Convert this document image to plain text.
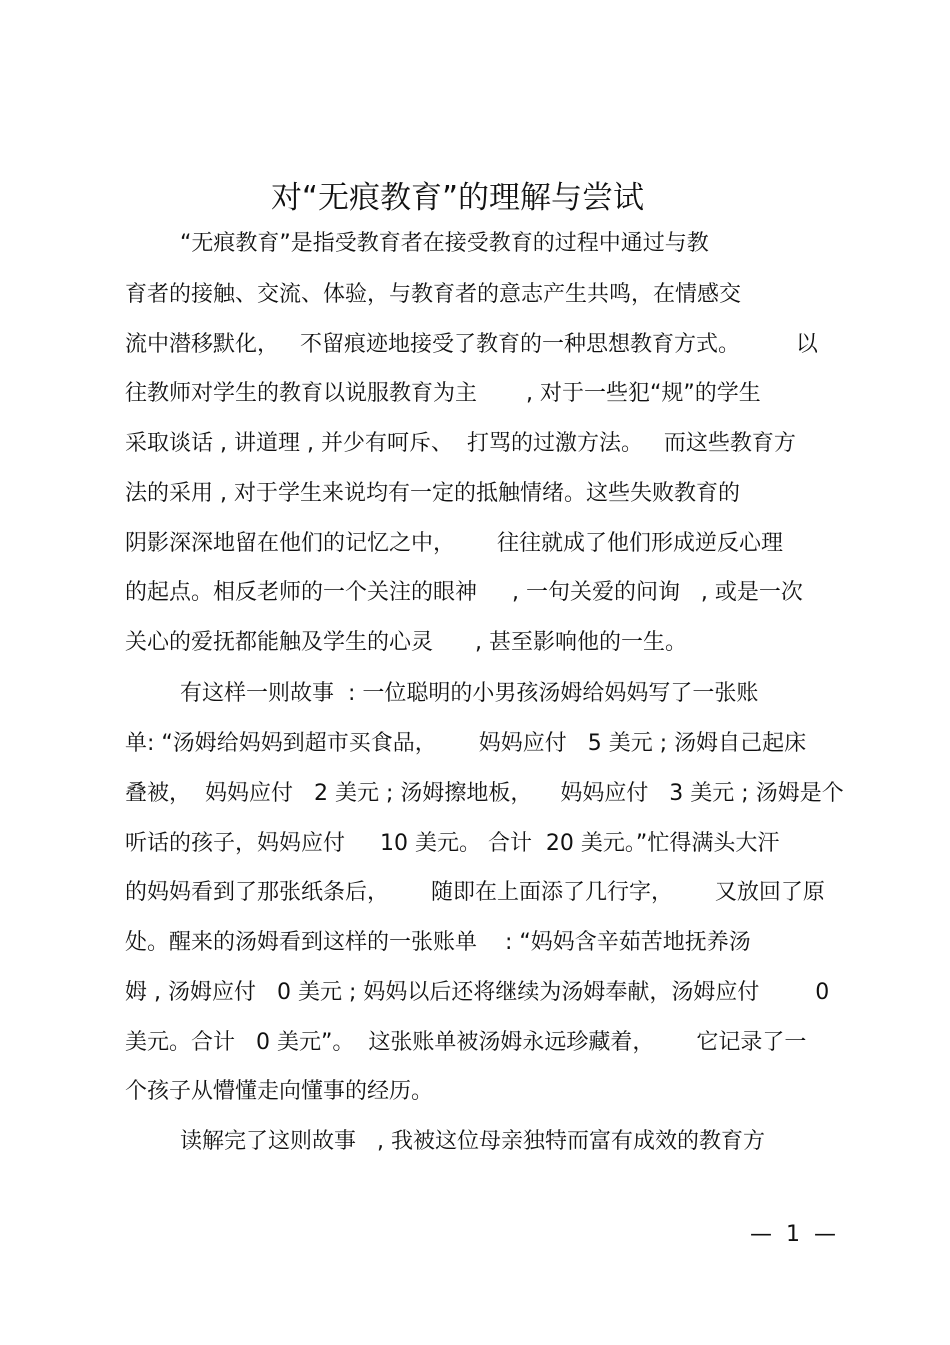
对“无痕教育”的理解与尝试
“无痕教育”是指受教育者在接受教育的过程中通过与教
育者的接触、交流、体验，与教育者的意志产生共鸣，在情感交
流中潜移默化，   不留痕迹地接受了教育的一种思想教育方式。        以
往教师对学生的教育以说服教育为主       , 对于一些犯“规”的学生
采取谈话 , 讲道理 , 并少有呵斥、  打骂的过激方法。   而这些教育方
法的采用 , 对于学生来说均有一定的抵触情绪。这些失败教育的
阴影深深地留在他们的记忆之中，      往往就成了他们形成逆反心理
的起点。相反老师的一个关注的眼神     , 一句关爱的问询   , 或是一次
关心的爱抚都能触及学生的心灵      , 甚至影响他的一生。
有这样一则故事  : 一位聪明的小男孩汤姆给妈妈写了一张账
单: “汤姆给妈妈到超市买食品，      妈妈应付   5 美元 ; 汤姆自己起床
叠被，  妈妈应付   2 美元 ; 汤姆擦地板，    妈妈应付   3 美元 ; 汤姆是个
听话的孩子，妈妈应付     10 美元。 合计  20 美元。”忙得满头大汗
的妈妈看到了那张纸条后，      随即在上面添了几行字，      又放回了原
处。醒来的汤姆看到这样的一张账单    : “妈妈含辛茹苦地抚养汤
姆 , 汤姆应付   0 美元 ; 妈妈以后还将继续为汤姆奉献，汤姆应付        0
美元。合计   0 美元”。  这张账单被汤姆永远珍藏着，      它记录了一
个孩子从懵懂走向懂事的经历。
读解完了这则故事   , 我被这位母亲独特而富有成效的教育方
—  1  —
